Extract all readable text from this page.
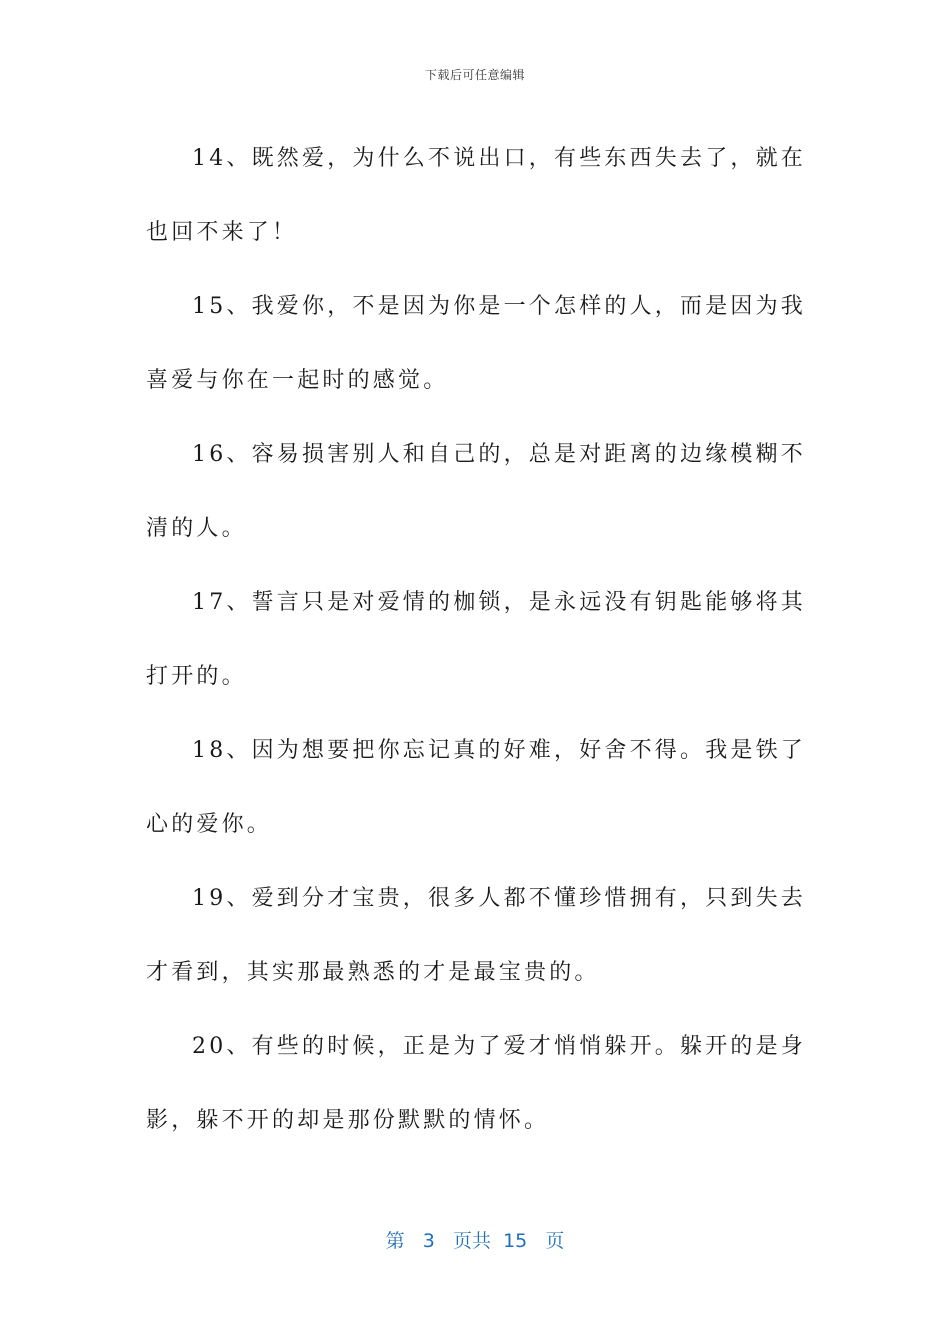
下载后可任意编辑

14、既然爱，为什么不说出口，有些东西失去了，就在也回不来了！

15、我爱你，不是因为你是一个怎样的人，而是因为我喜爱与你在一起时的感觉。

16、容易损害别人和自己的，总是对距离的边缘模糊不清的人。

17、誓言只是对爱情的枷锁，是永远没有钥匙能够将其打开的。

18、因为想要把你忘记真的好难，好舍不得。我是铁了心的爱你。

19、爱到分才宝贵，很多人都不懂珍惜拥有，只到失去才看到，其实那最熟悉的才是最宝贵的。

20、有些的时候，正是为了爱才悄悄躲开。躲开的是身影，躲不开的却是那份默默的情怀。

第 3 页共 15 页
